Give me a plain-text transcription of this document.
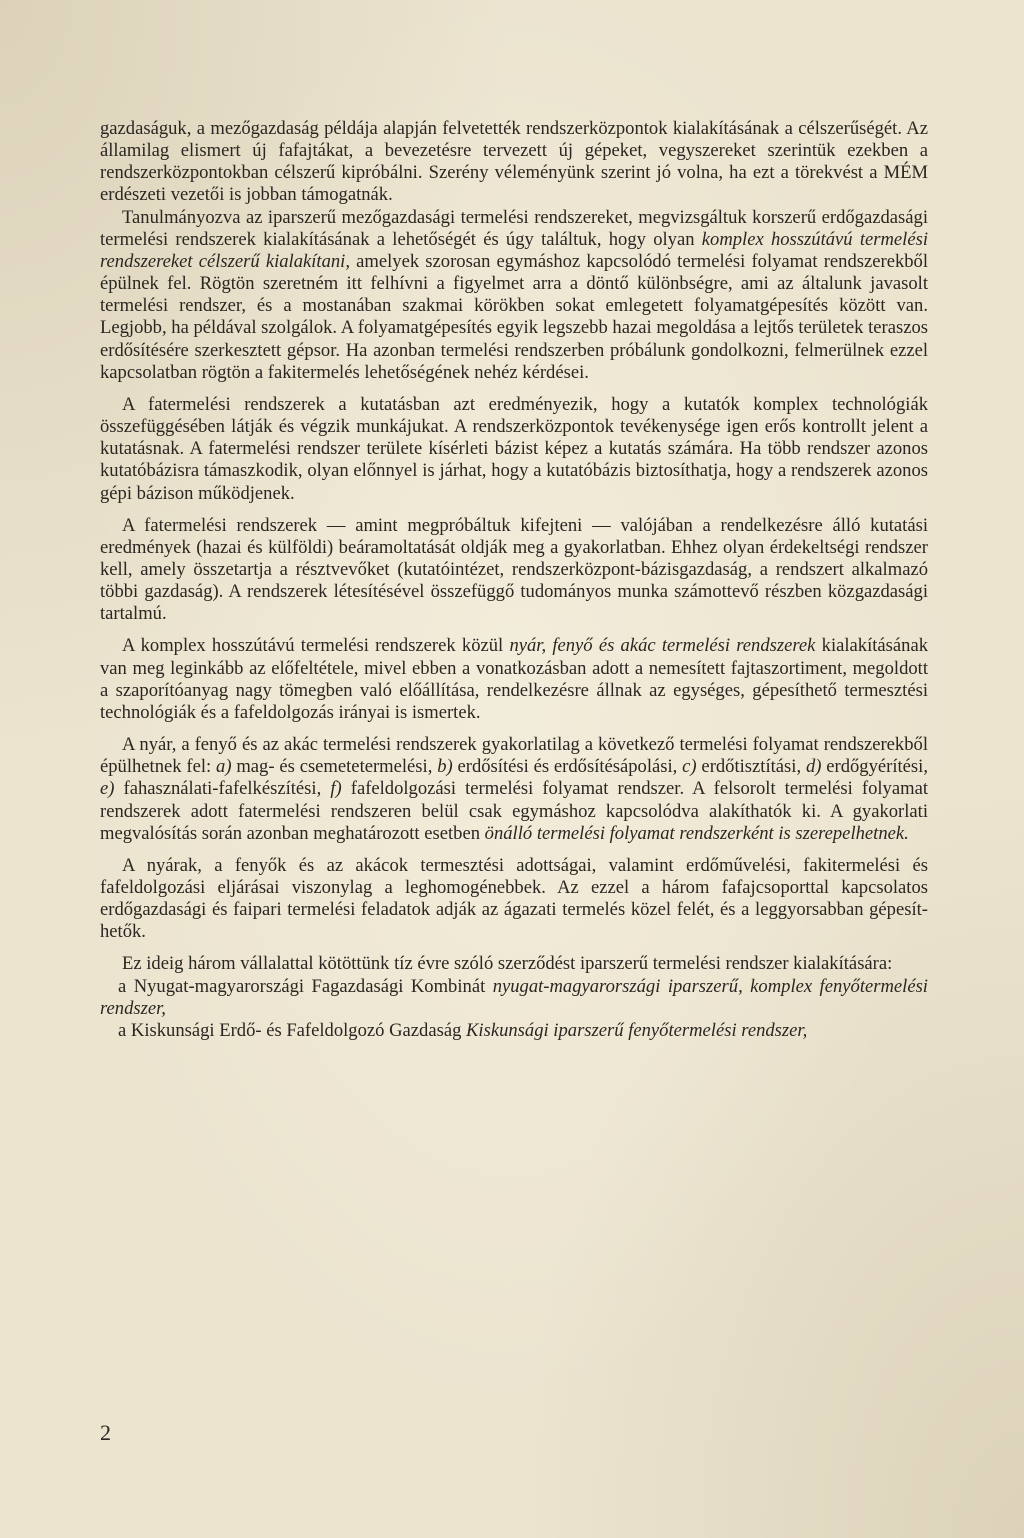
gazdaságuk, a mezőgazdaság példája alapján felvetették rendszerközpontok kialakításának a célszerűségét. Az államilag elismert új fafajtákat, a bevezetésre tervezett új gépeket, vegyszereket szerintük ezekben a rendszerközpontokban célszerű kipróbálni. Szerény véleményünk szerint jó volna, ha ezt a törekvést a MÉM erdészeti vezetői is jobban támogatnák.

Tanulmányozva az iparszerű mezőgazdasági termelési rendszereket, megvizsgáltuk korszerű erdőgazdasági termelési rendszerek kialakításának a lehetőségét és úgy találtuk, hogy olyan komplex hosszútávú termelési rendszereket célszerű kialakítani, amelyek szorosan egymáshoz kapcsolódó termelési folyamat rendszerekből épülnek fel. Rögtön szeretném itt felhívni a figyelmet arra a döntő különbségre, ami az általunk javasolt termelési rendszer, és a mostanában szakmai körökben sokat emlegetett folyamatgépesítés között van. Legjobb, ha példával szolgálok. A folyamatgépesítés egyik legszebb hazai megoldása a lejtős területek teraszos erdősítésére szerkesztett gépsor. Ha azonban termelési rendszerben próbálunk gondolkozni, felmerülnek ezzel kapcsolatban rögtön a fakitermelés lehetőségének nehéz kérdései.

A fatermelési rendszerek a kutatásban azt eredményezik, hogy a kutatók komplex technológiák összefüggésében látják és végzik munkájukat. A rendszerközpontok tevékenysége igen erős kontrollt jelent a kutatásnak. A fatermelési rendszer területe kísérleti bázist képez a kutatás számára. Ha több rendszer azonos kutatóbázisra támaszkodik, olyan előnnyel is járhat, hogy a kutatóbázis biztosíthatja, hogy a rendszerek azonos gépi bázison működjenek.

A fatermelési rendszerek — amint megpróbáltuk kifejteni — valójában a rendelkezésre álló kutatási eredmények (hazai és külföldi) beáramoltatását oldják meg a gyakorlatban. Ehhez olyan érdekeltségi rendszer kell, amely összetartja a résztvevőket (kutatóintézet, rendszerközpont-bázisgazdaság, a rendszert alkalmazó többi gazdaság). A rendszerek létesítésével összefüggő tudományos munka számottevő részben közgazdasági tartalmú.

A komplex hosszútávú termelési rendszerek közül nyár, fenyő és akác termelési rendszerek kialakításának van meg leginkább az előfeltétele, mivel ebben a vonatkozásban adott a nemesített fajtaszortiment, megoldott a szaporítóanyag nagy tömegben való előállítása, rendelkezésre állnak az egységes, gépesíthető termesztési technológiák és a fafeldolgozás irányai is ismertek.

A nyár, a fenyő és az akác termelési rendszerek gyakorlatilag a következő termelési folyamat rendszerekből épülhetnek fel: a) mag- és csemetetermelési, b) erdősítési és erdősítésápolási, c) erdőtisztítási, d) erdőgyérítési, e) fahasználati-fafelkészítési, f) fafeldolgozási termelési folyamat rendszer. A felsorolt termelési folyamat rendszerek adott fatermelési rendszeren belül csak egymáshoz kapcsolódva alakíthatók ki. A gyakorlati megvalósítás során azonban meghatározott esetben önálló termelési folyamat rendszerként is szerepelhetnek.

A nyárak, a fenyők és az akácok termesztési adottságai, valamint erdőművelési, fakitermelési és fafeldolgozási eljárásai viszonylag a leghomogénebbek. Az ezzel a három fafajcsoporttal kapcsolatos erdőgazdasági és faipari termelési feladatok adják az ágazati termelés közel felét, és a leggyorsabban gépesíthetők.

Ez ideig három vállalattal kötöttünk tíz évre szóló szerződést iparszerű termelési rendszer kialakítására:

a Nyugat-magyarországi Fagazdasági Kombinát nyugat-magyarországi iparszerű, komplex fenyőtermelési rendszer,

a Kiskunsági Erdő- és Fafeldolgozó Gazdaság Kiskunsági iparszerű fenyőtermelési rendszer,

2
